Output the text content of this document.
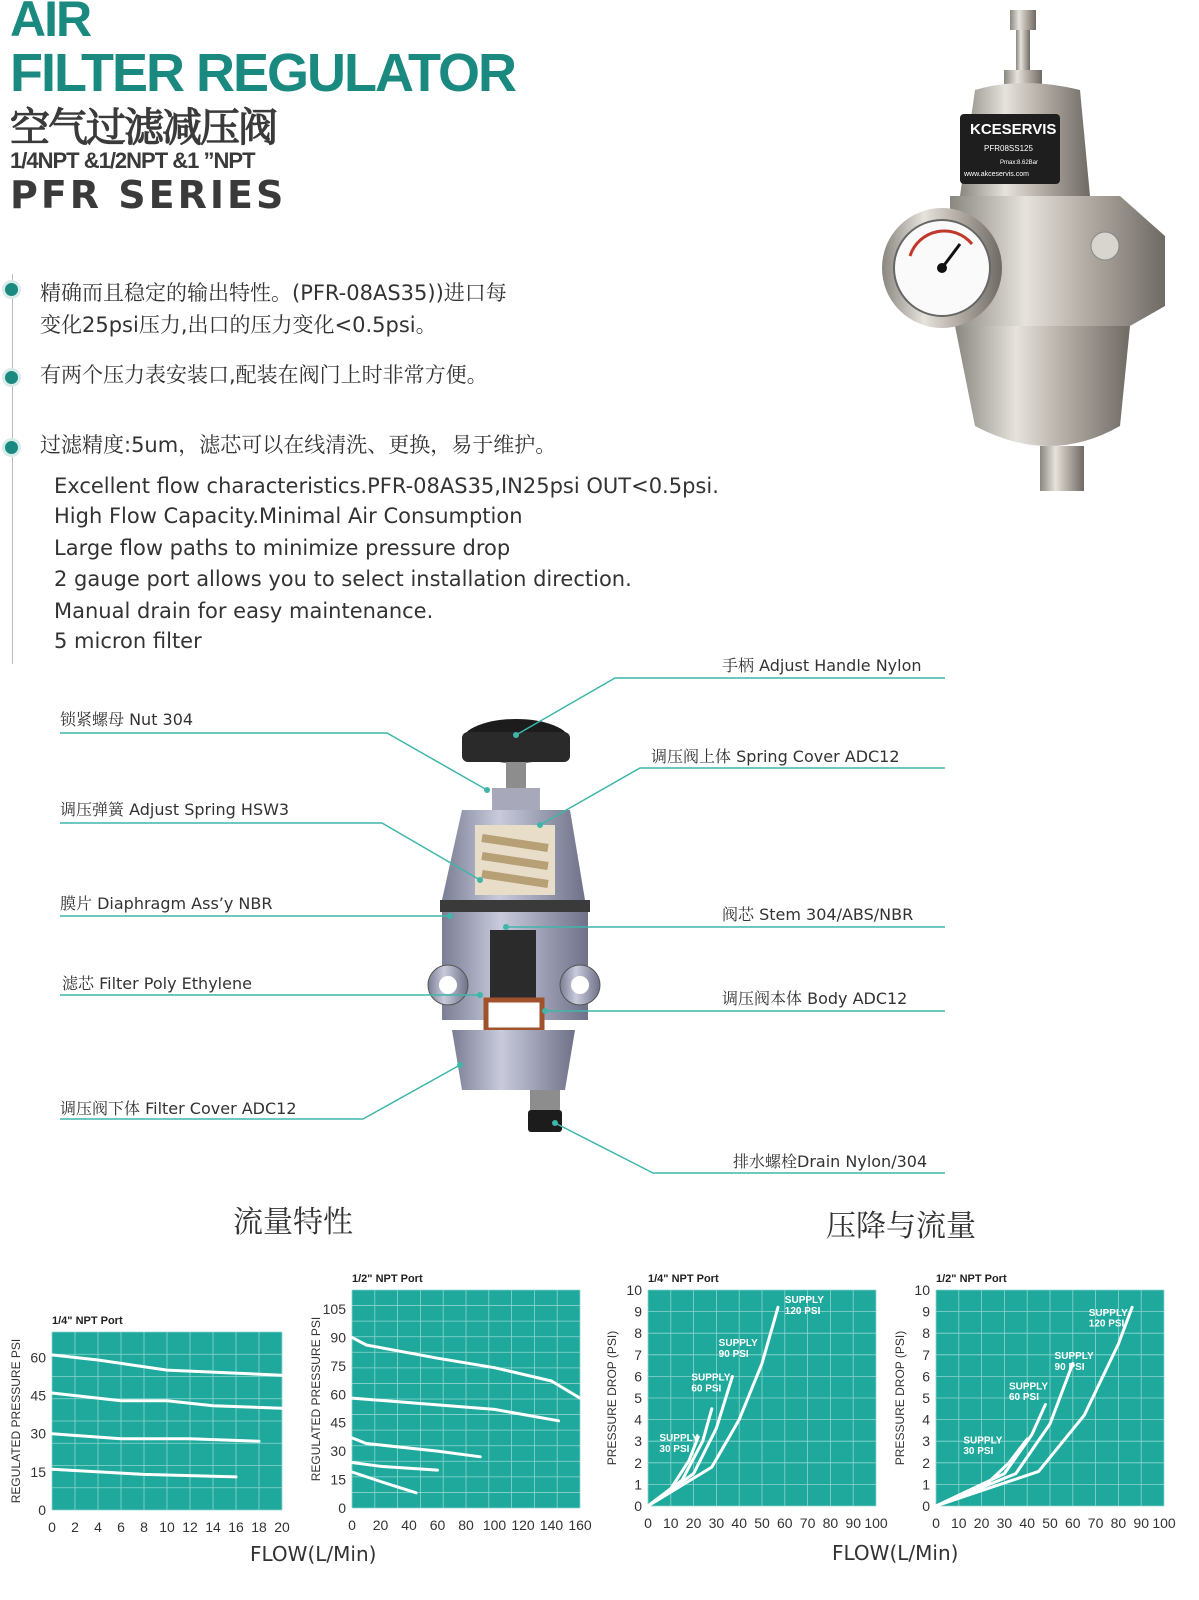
AIR
FILTER REGULATOR
空气过滤减压阀
1/4NPT &1/2NPT &1 ”NPT
PFR SERIES
KCESERVIS
PFR08SS125
Pmax:8.62Bar
www.akceservis.com
精确而且稳定的输出特性。(PFR-08AS35))进口每
变化25psi压力,出口的压力变化<0.5psi。
有两个压力表安装口,配装在阀门上时非常方便。
过滤精度:5um，滤芯可以在线清洗、更换，易于维护。
Excellent flow characteristics.PFR-08AS35,IN25psi OUT<0.5psi.
High Flow Capacity.Minimal Air Consumption
Large flow paths to minimize pressure drop
2 gauge port allows you to select installation direction.
Manual drain for easy maintenance.
5 micron filter
手柄 Adjust Handle Nylon
锁紧螺母 Nut 304
调压阀上体 Spring Cover ADC12
调压弹簧 Adjust Spring HSW3
膜片 Diaphragm Ass’y NBR
阀芯 Stem 304/ABS/NBR
滤芯 Filter Poly Ethylene
调压阀本体 Body ADC12
调压阀下体 Filter Cover ADC12
排水螺栓Drain Nylon/304
流量特性	压降与流量
0 2 4 6 8 10 12 14 16 18 20
0
15
30
45
60
1/4" NPT Port
REGULATED PRESSURE PSI
0 20 40 60 80 100 120 140 160
0
15
30
45
60
75
90
105
1/2" NPT Port
REGULATED PRESSURE PSI
0 10 20 30 40 50 60 70 80 90 100
0
1
2
3
4
5
6
7
8
9
10
1/4" NPT Port
PRESSURE DROP (PSI)	SUPPLY
30 PSI
SUPPLY
60 PSI
SUPPLY
90 PSI
SUPPLY
120 PSI
0 10 20 30 40 50 60 70 80 90 100
0
1
2
3
4
5
6
7
8
9
10
1/2" NPT Port
PRESSURE DROP (PSI)	SUPPLY
30 PSI
SUPPLY
60 PSI
SUPPLY
90 PSI
SUPPLY
120 PSI
FLOW(L/Min)	FLOW(L/Min)
